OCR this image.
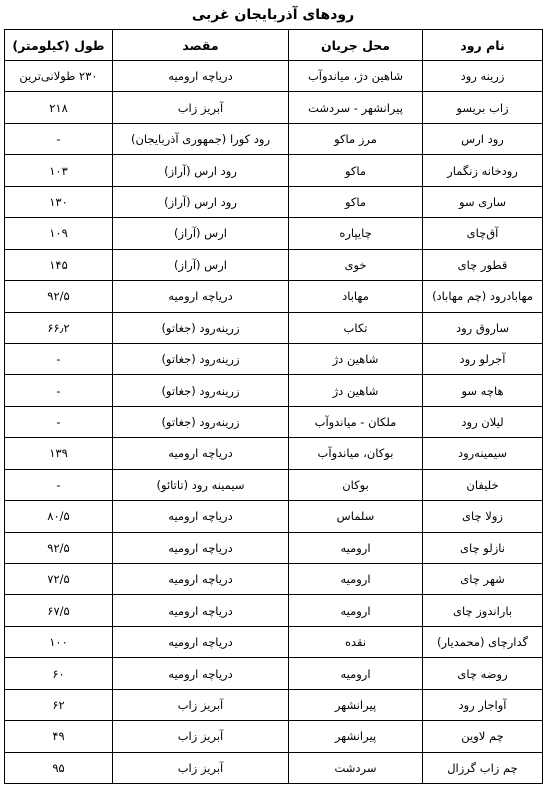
رودهای آذربایجان غربی
نام رود	محل جریان	مقصد	طول (کیلومتر)
زرینه رود	شاهین دژ، میاندوآب	دریاچه ارومیه	۲۳۰ طولانی‌ترین
زاب بریسو	پیرانشهر - سردشت	آبریز زاب	۲۱۸
رود ارس	مرز ماکو	رود کورا (جمهوری آذربایجان)	-
رودخانه زنگمار	ماکو	رود ارس (آراز)	۱۰۳
ساری سو	ماکو	رود ارس (آراز)	۱۳۰
آق‌چای	چایپاره	ارس (آراز)	۱۰۹
قطور چای	خوی	ارس (آراز)	۱۴۵
مهابادرود (چم مهاباد)	مهاباد	دریاچه ارومیه	۹۲/۵
ساروق رود	تکاب	زرینه‌رود (جغاتو)	۶۶٫۲
آجرلو رود	شاهین دژ	زرینه‌رود (جغاتو)	-
هاچه سو	شاهین دژ	زرینه‌رود (جغاتو)	-
لیلان رود	ملکان - میاندوآب	زرینه‌رود (جغاتو)	-
سیمینه‌رود	بوکان، میاندوآب	دریاچه ارومیه	۱۳۹
خلیفان	بوکان	سیمینه رود (تاتائو)	-
زولا چای	سلماس	دریاچه ارومیه	۸۰/۵
نازلو چای	ارومیه	دریاچه ارومیه	۹۲/۵
شهر چای	ارومیه	دریاچه ارومیه	۷۲/۵
باراندوز چای	ارومیه	دریاچه ارومیه	۶۷/۵
گدارچای (محمدیار)	نقده	دریاچه ارومیه	۱۰۰
روضه چای	ارومیه	دریاچه ارومیه	۶۰
آواجار رود	پیرانشهر	آبریز زاب	۶۲
چم لاوین	پیرانشهر	آبریز زاب	۴۹
چم زاب گرزال	سردشت	آبریز زاب	۹۵
